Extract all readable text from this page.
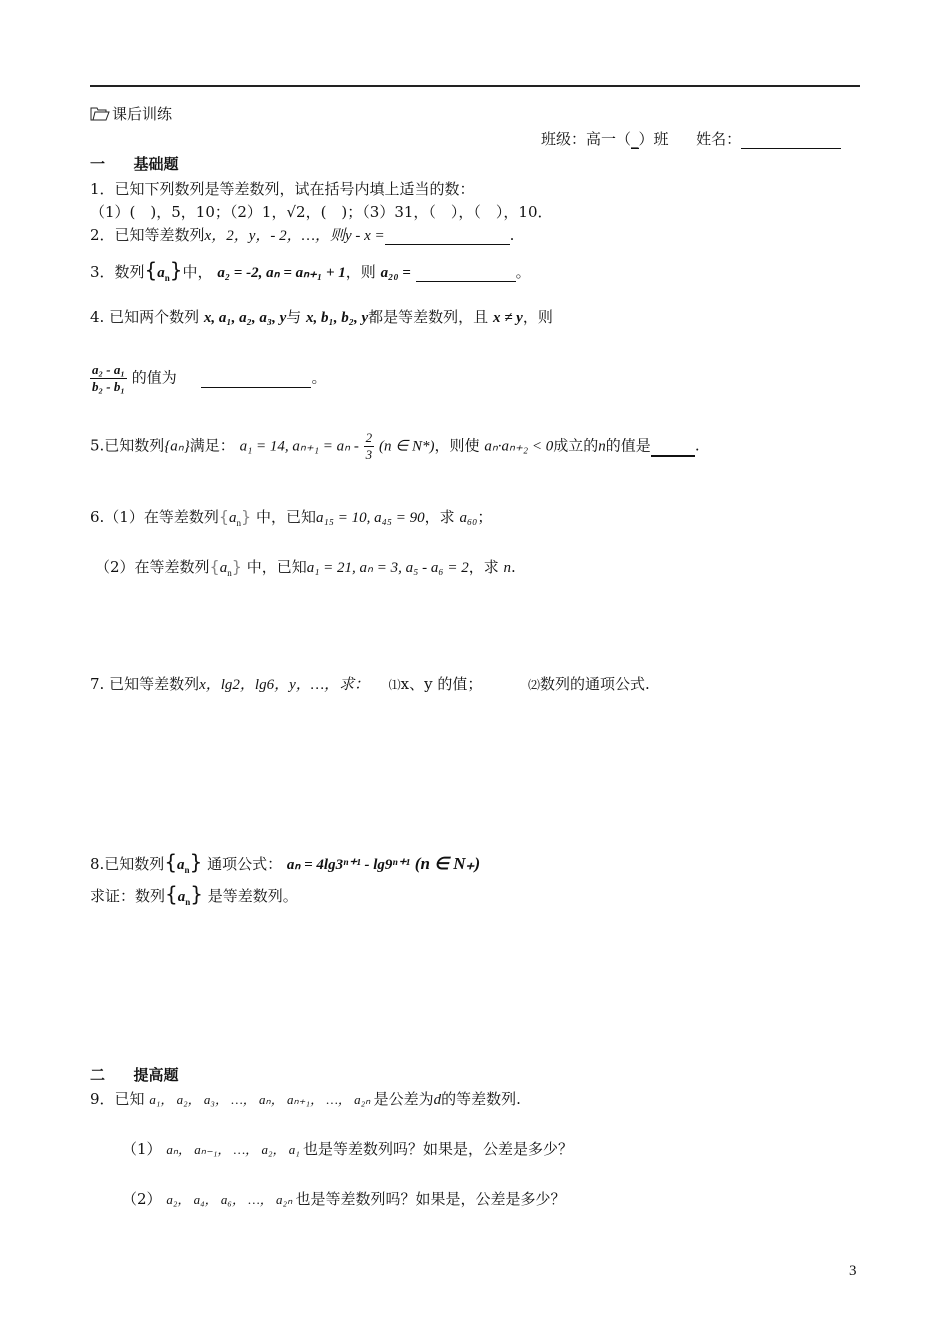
课后训练
班级：高一（_）班 姓名：
一 基础题
1．已知下列数列是等差数列，试在括号内填上适当的数：
（1）(　)，5，10；（2）1，√2，(　)；（3）31，（　），（　），10．
2．已知等差数列x，2，y，- 2，…，则y - x =	.
3．数列$\{a_n\}$中， a₂ = -2, aₙ = aₙ₊₁ + 1，则 a₂₀ =	。
4. 已知两个数列 x, a₁, a₂, a₃, y与 x, b₁, b₂, y都是等差数列，且 x ≠ y，则
$\frac{\text{a₂ - a₁}}{\text{b₂ - b₁}}$ 的值为	。
5.已知数列{aₙ}满足： a₁ = 14, $a_{n+1} = a_n - \frac{2}{3} (n$ ∈ N*)，则使 aₙ·aₙ₊₂ < 0成立的n的值是	.
6.（1）在等差数列$\{a_n\}$ 中，已知a₁₅ = 10, a₄₅ = 90，求 a₆₀；
（2）在等差数列$\{a_n\}$ 中，已知a₁ = 21, aₙ = 3, a₅ - a₆ = 2，求 n.
7. 已知等差数列x，lg2，lg6，y，…，求： ⑴x、y 的值；	⑵数列的通项公式.
8.已知数列$\{a_n\}$ 通项公式： aₙ = 4lg3ⁿ⁺¹ - lg9ⁿ⁺¹ (n ∈ N₊)
求证：数列$\{a_n\}$ 是等差数列。
二 提高题
9．已知 a₁， a₂， a₃， …， aₙ， aₙ₊₁， …， a₂ₙ 是公差为d的等差数列.
（1） aₙ， aₙ₋₁， …， a₂， a₁ 也是等差数列吗？如果是，公差是多少？
（2） a₂， a₄， a₆， …， a₂ₙ 也是等差数列吗？如果是，公差是多少？
3
